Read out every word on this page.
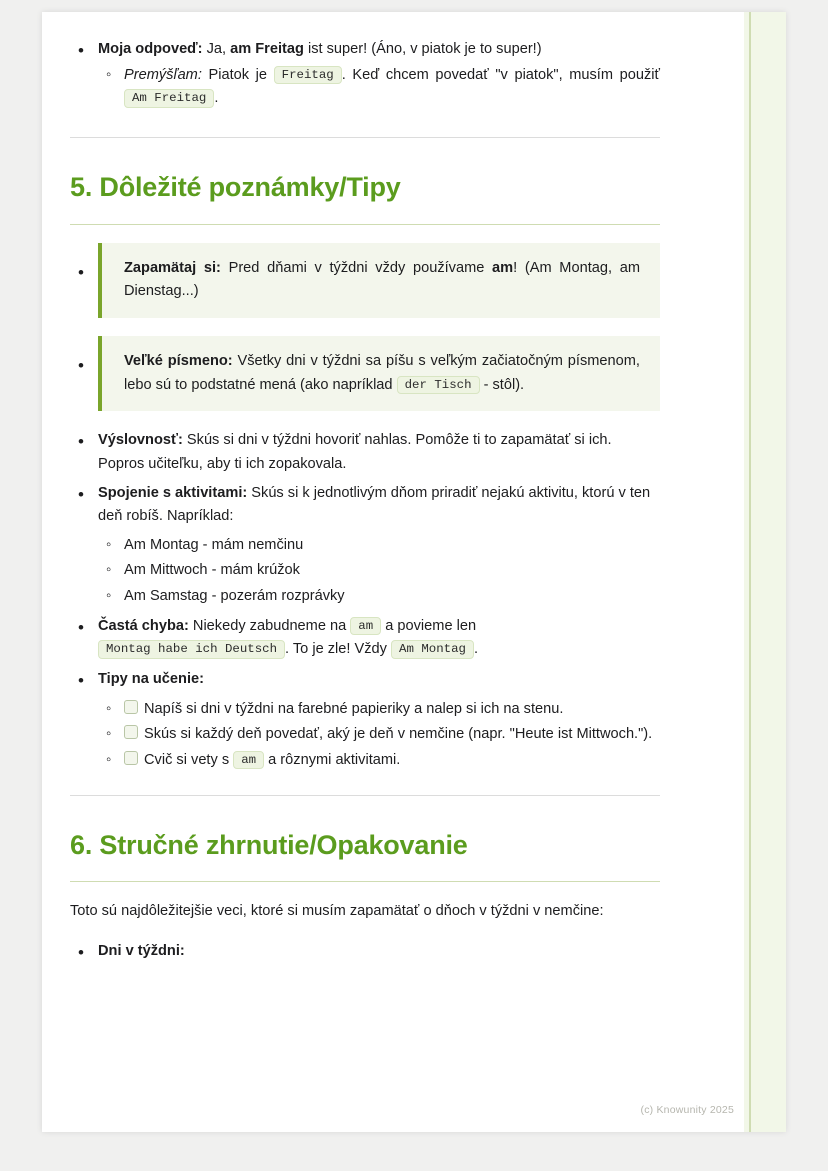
• Moja odpoveď: Ja, am Freitag ist super! (Áno, v piatok je to super!)
◦ Premýšľam: Piatok je Freitag . Keď chcem povedať "v piatok", musím použiť Am Freitag .
5. Dôležité poznámky/Tipy
• Zapamätaj si: Pred dňami v týždni vždy používame am! (Am Montag, am Dienstag...)
• Veľké písmeno: Všetky dni v týždni sa píšu s veľkým začiatočným písmenom, lebo sú to podstatné mená (ako napríklad der Tisch - stôl).
• Výslovnosť: Skús si dni v týždni hovoriť nahlas. Pomôže ti to zapamätať si ich. Popros učiteľku, aby ti ich zopakovala.
• Spojenie s aktivitami: Skús si k jednotlivým dňom priradiť nejakú aktivitu, ktorú v ten deň robíš. Napríklad:
◦ Am Montag - mám nemčinu
◦ Am Mittwoch - mám krúžok
◦ Am Samstag - pozerám rozprávky
• Častá chyba: Niekedy zabudneme na am a povieme len Montag habe ich Deutsch . To je zle! Vždy Am Montag .
• Tipy na učenie:
◦ Napíš si dni v týždni na farebné papieriky a nalep si ich na stenu.
◦ Skús si každý deň povedať, aký je deň v nemčine (napr. "Heute ist Mittwoch.").
◦ Cvič si vety s am a rôznymi aktivitami.
6. Stručné zhrnutie/Opakovanie
Toto sú najdôležitejšie veci, ktoré si musím zapamätať o dňoch v týždni v nemčine:
• Dni v týždni:
(c) Knowunity 2025
